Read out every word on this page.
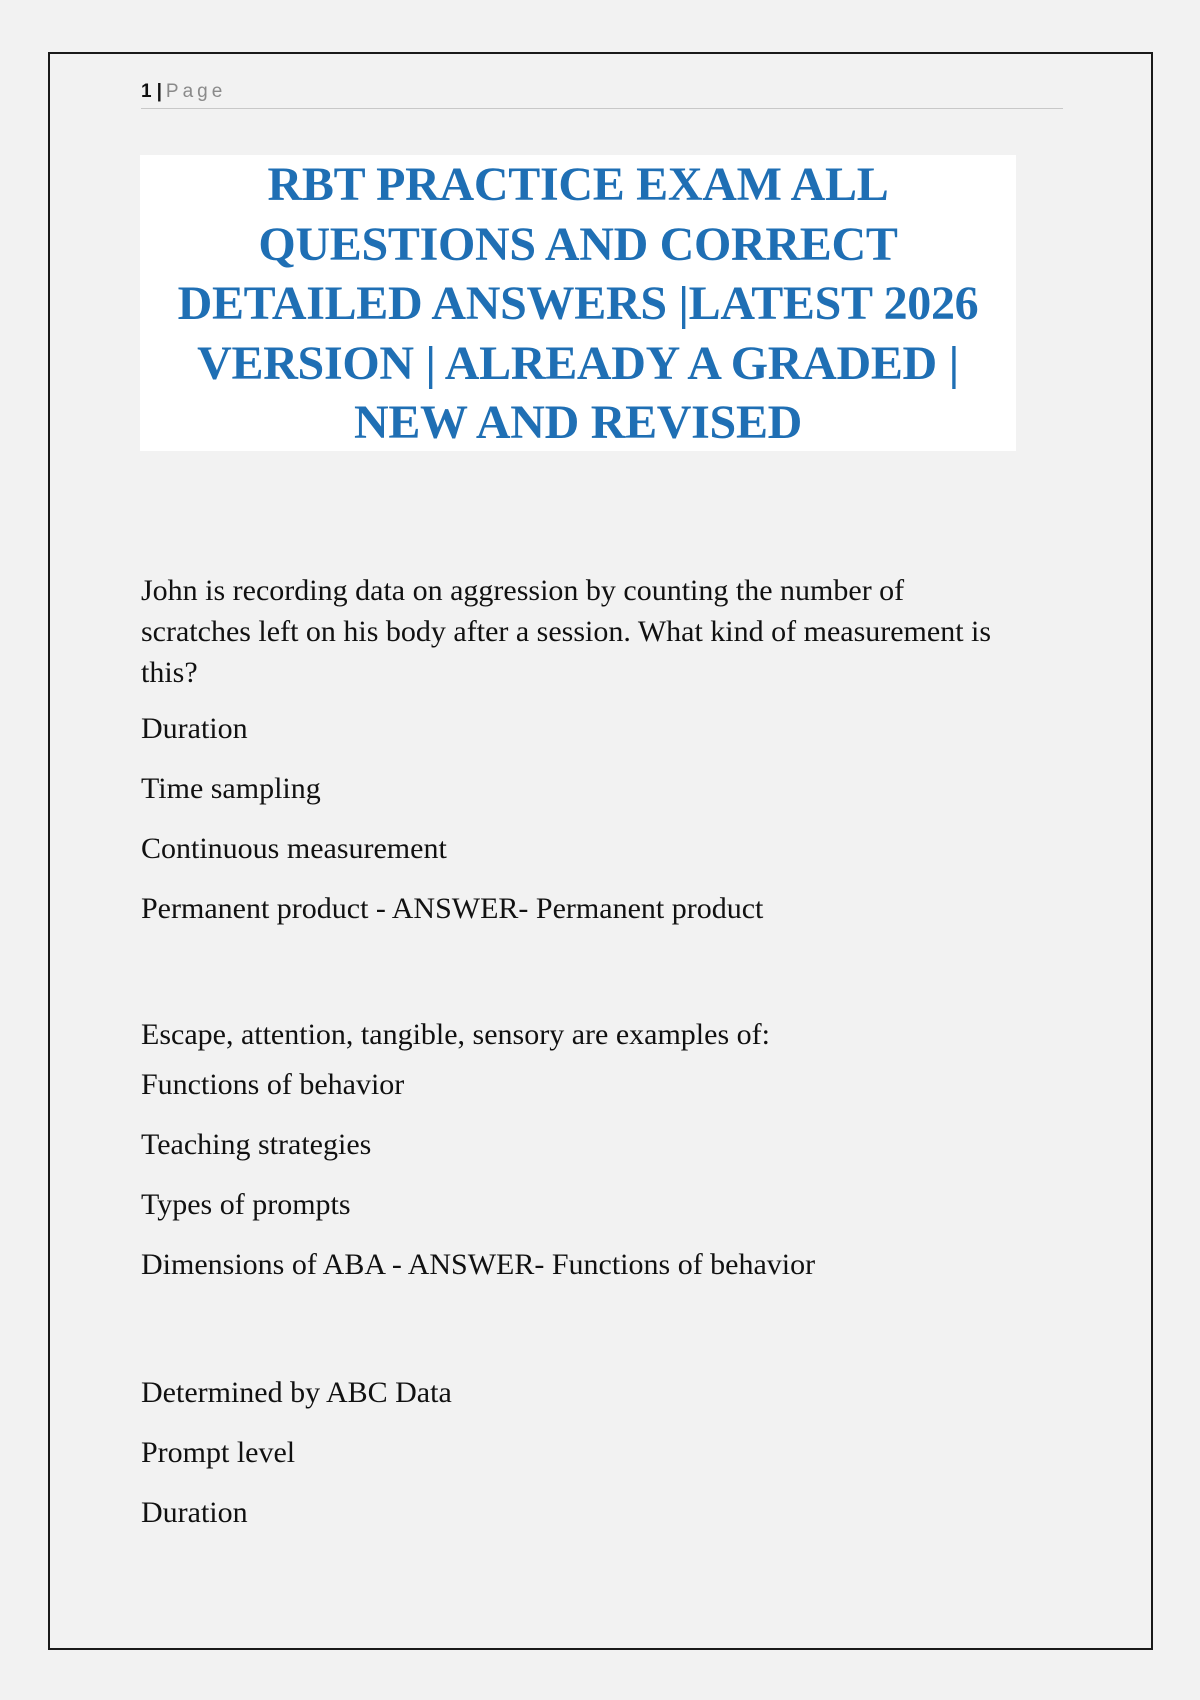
1 | Page
RBT PRACTICE EXAM ALL
QUESTIONS AND CORRECT
DETAILED ANSWERS |LATEST 2026
VERSION | ALREADY A GRADED |
NEW AND REVISED

John is recording data on aggression by counting the number of
scratches left on his body after a session. What kind of measurement is
this?

Duration

Time sampling

Continuous measurement

Permanent product - ANSWER- Permanent product

Escape, attention, tangible, sensory are examples of:

Functions of behavior

Teaching strategies

Types of prompts

Dimensions of ABA - ANSWER- Functions of behavior

Determined by ABC Data

Prompt level

Duration
